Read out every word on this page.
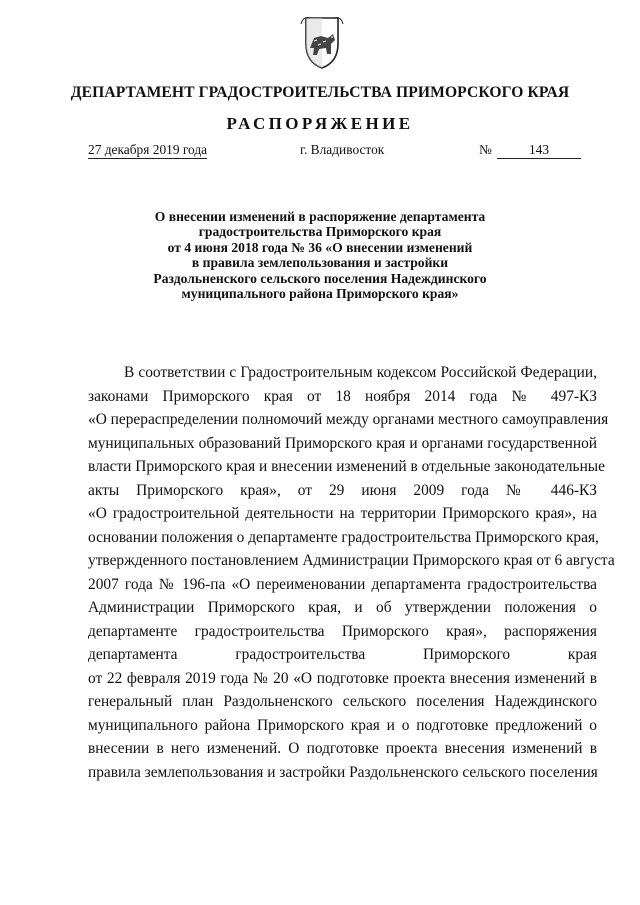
ДЕПАРТАМЕНТ ГРАДОСТРОИТЕЛЬСТВА ПРИМОРСКОГО КРАЯ
РАСПОРЯЖЕНИЕ
27 декабря 2019 года	г. Владивосток	№	143
О внесении изменений в распоряжение департамента
градостроительства Приморского края
от 4 июня 2018 года № 36 «О внесении изменений
в правила землепользования и застройки
Раздольненского сельского поселения Надеждинского
муниципального района Приморского края»
В соответствии с Градостроительным кодексом Российской Федерации,
законами Приморского края от 18 ноября 2014 года № 497-КЗ
«О перераспределении полномочий между органами местного самоуправления
муниципальных образований Приморского края и органами государственной
власти Приморского края и внесении изменений в отдельные законодательные
акты Приморского края», от 29 июня 2009 года № 446-КЗ
«О градостроительной деятельности на территории Приморского края», на
основании положения о департаменте градостроительства Приморского края,
утвержденного постановлением Администрации Приморского края от 6 августа
2007 года № 196-па «О переименовании департамента градостроительства
Администрации Приморского края, и об утверждении положения о
департаменте градостроительства Приморского края», распоряжения
департамента градостроительства Приморского края
от 22 февраля 2019 года № 20 «О подготовке проекта внесения изменений в
генеральный план Раздольненского сельского поселения Надеждинского
муниципального района Приморского края и о подготовке предложений о
внесении в него изменений. О подготовке проекта внесения изменений в
правила землепользования и застройки Раздольненского сельского поселения
